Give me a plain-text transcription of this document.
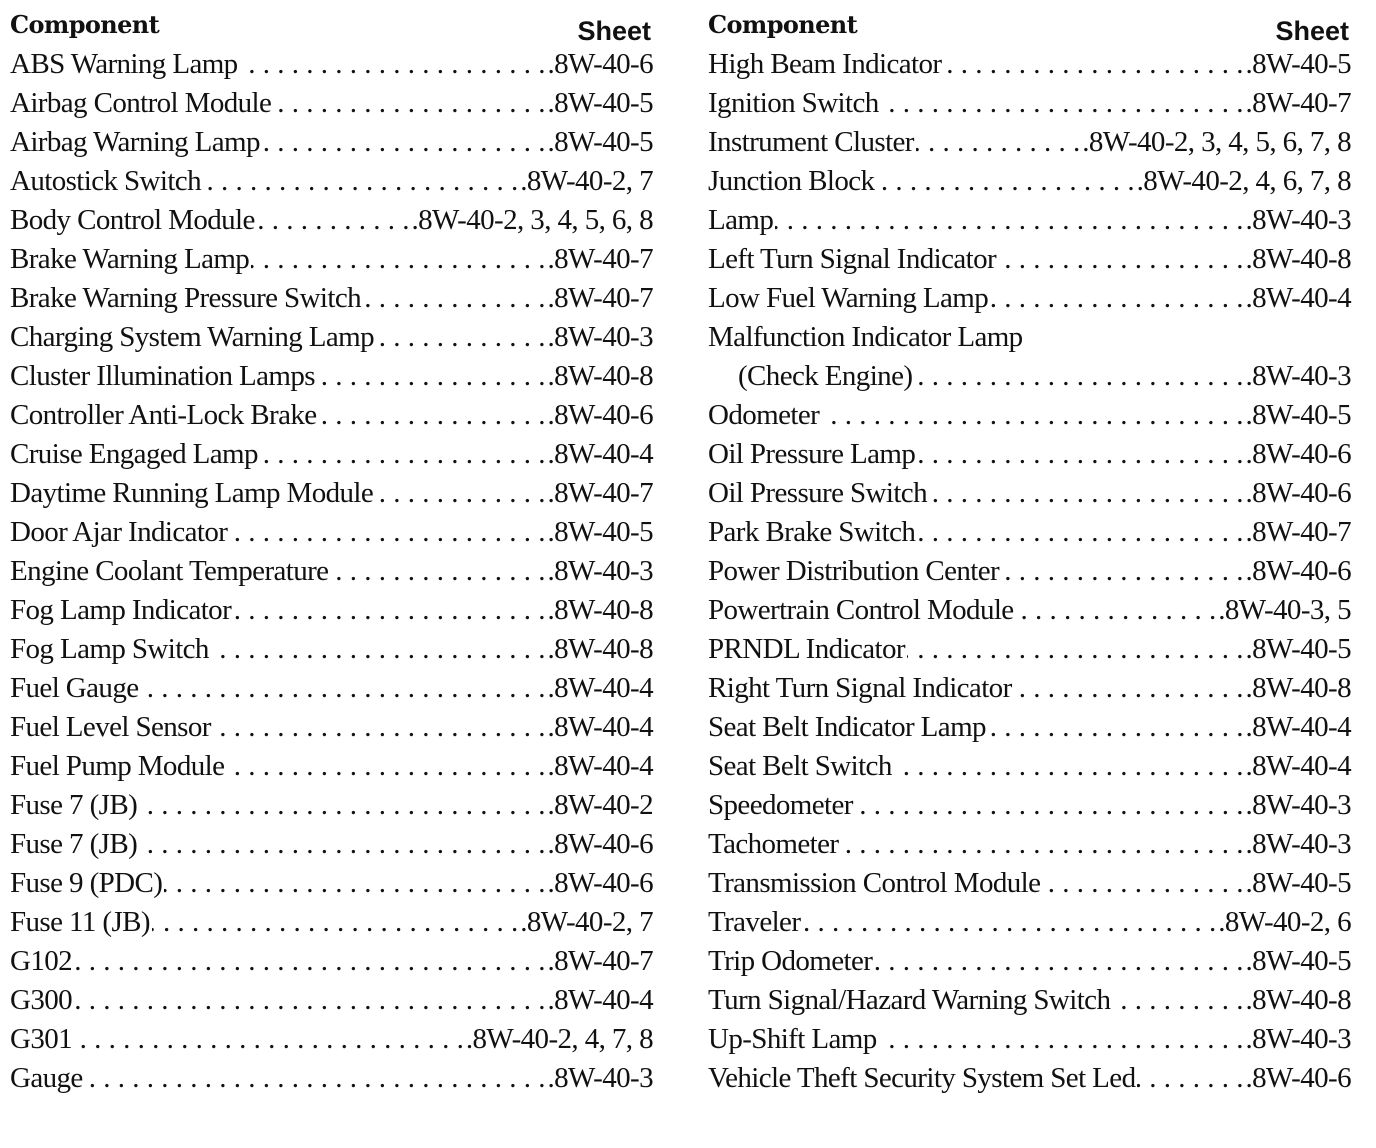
Component	Sheet
ABS Warning Lamp . . .	.8W-40-6
Airbag Control Module . . .	.8W-40-5
Airbag Warning Lamp . . .	.8W-40-5
Autostick Switch . . .	.8W-40-2, 7
Body Control Module . . .	.8W-40-2, 3, 4, 5, 6, 8
Brake Warning Lamp . . .	.8W-40-7
Brake Warning Pressure Switch . . .	.8W-40-7
Charging System Warning Lamp . . .	.8W-40-3
Cluster Illumination Lamps . . .	.8W-40-8
Controller Anti-Lock Brake . . .	.8W-40-6
Cruise Engaged Lamp . . .	.8W-40-4
Daytime Running Lamp Module . . .	.8W-40-7
Door Ajar Indicator . . .	.8W-40-5
Engine Coolant Temperature . . .	.8W-40-3
Fog Lamp Indicator . . .	.8W-40-8
Fog Lamp Switch . . .	.8W-40-8
Fuel Gauge . . .	.8W-40-4
Fuel Level Sensor . . .	.8W-40-4
Fuel Pump Module . . .	.8W-40-4
Fuse 7 (JB) . . .	.8W-40-2
Fuse 7 (JB) . . .	.8W-40-6
Fuse 9 (PDC) . . .	.8W-40-6
Fuse 11 (JB) . . .	.8W-40-2, 7
G102 . . .	.8W-40-7
G300 . . .	.8W-40-4
G301 . . .	.8W-40-2, 4, 7, 8
Gauge . . .	.8W-40-3
Component	Sheet
High Beam Indicator . . .	.8W-40-5
Ignition Switch . . .	.8W-40-7
Instrument Cluster . . .	.8W-40-2, 3, 4, 5, 6, 7, 8
Junction Block . . .	.8W-40-2, 4, 6, 7, 8
Lamp . . .	.8W-40-3
Left Turn Signal Indicator . . .	.8W-40-8
Low Fuel Warning Lamp . . .	.8W-40-4
Malfunction Indicator Lamp
(Check Engine) . . .	.8W-40-3
Odometer . . .	.8W-40-5
Oil Pressure Lamp . . .	.8W-40-6
Oil Pressure Switch . . .	.8W-40-6
Park Brake Switch . . .	.8W-40-7
Power Distribution Center . . .	.8W-40-6
Powertrain Control Module . . .	.8W-40-3, 5
PRNDL Indicator . . .	.8W-40-5
Right Turn Signal Indicator . . .	.8W-40-8
Seat Belt Indicator Lamp . . .	.8W-40-4
Seat Belt Switch . . .	.8W-40-4
Speedometer . . .	.8W-40-3
Tachometer . . .	.8W-40-3
Transmission Control Module . . .	.8W-40-5
Traveler . . .	.8W-40-2, 6
Trip Odometer . . .	.8W-40-5
Turn Signal/Hazard Warning Switch . . .	.8W-40-8
Up-Shift Lamp . . .	.8W-40-3
Vehicle Theft Security System Set Led . . .	.8W-40-6
